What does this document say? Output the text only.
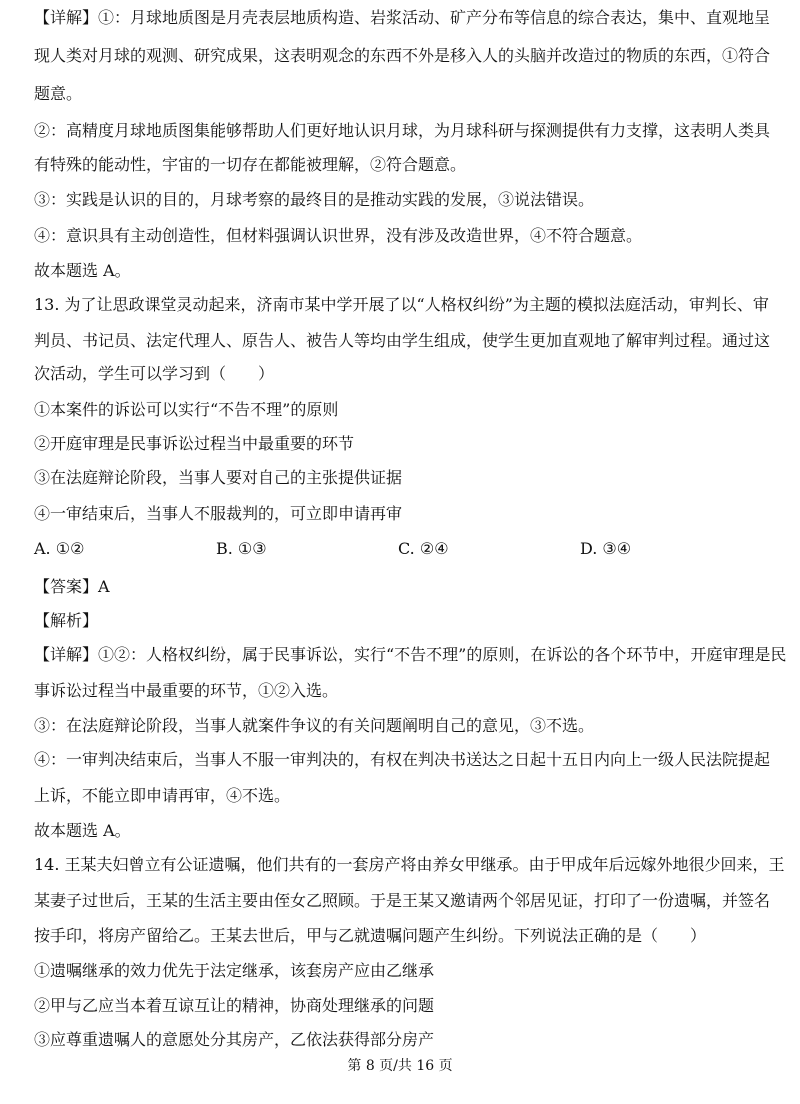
【详解】①：月球地质图是月壳表层地质构造、岩浆活动、矿产分布等信息的综合表达，集中、直观地呈
现人类对月球的观测、研究成果，这表明观念的东西不外是移入人的头脑并改造过的物质的东西，①符合
题意。
②：高精度月球地质图集能够帮助人们更好地认识月球，为月球科研与探测提供有力支撑，这表明人类具
有特殊的能动性，宇宙的一切存在都能被理解，②符合题意。
③：实践是认识的目的，月球考察的最终目的是推动实践的发展，③说法错误。
④：意识具有主动创造性，但材料强调认识世界，没有涉及改造世界，④不符合题意。
故本题选 A。
13. 为了让思政课堂灵动起来，济南市某中学开展了以“人格权纠纷”为主题的模拟法庭活动，审判长、审
判员、书记员、法定代理人、原告人、被告人等均由学生组成，使学生更加直观地了解审判过程。通过这
次活动，学生可以学习到（　　）
①本案件的诉讼可以实行“不告不理”的原则
②开庭审理是民事诉讼过程当中最重要的环节
③在法庭辩论阶段，当事人要对自己的主张提供证据
④一审结束后，当事人不服裁判的，可立即申请再审
A. ①②	B. ①③	C. ②④	D. ③④
【答案】A
【解析】
【详解】①②：人格权纠纷，属于民事诉讼，实行“不告不理”的原则，在诉讼的各个环节中，开庭审理是民
事诉讼过程当中最重要的环节，①②入选。
③：在法庭辩论阶段，当事人就案件争议的有关问题阐明自己的意见，③不选。
④：一审判决结束后，当事人不服一审判决的，有权在判决书送达之日起十五日内向上一级人民法院提起
上诉，不能立即申请再审，④不选。
故本题选 A。
14. 王某夫妇曾立有公证遗嘱，他们共有的一套房产将由养女甲继承。由于甲成年后远嫁外地很少回来，王
某妻子过世后，王某的生活主要由侄女乙照顾。于是王某又邀请两个邻居见证，打印了一份遗嘱，并签名
按手印，将房产留给乙。王某去世后，甲与乙就遗嘱问题产生纠纷。下列说法正确的是（　　）
①遗嘱继承的效力优先于法定继承，该套房产应由乙继承
②甲与乙应当本着互谅互让的精神，协商处理继承的问题
③应尊重遗嘱人的意愿处分其房产，乙依法获得部分房产
第 8 页/共 16 页
